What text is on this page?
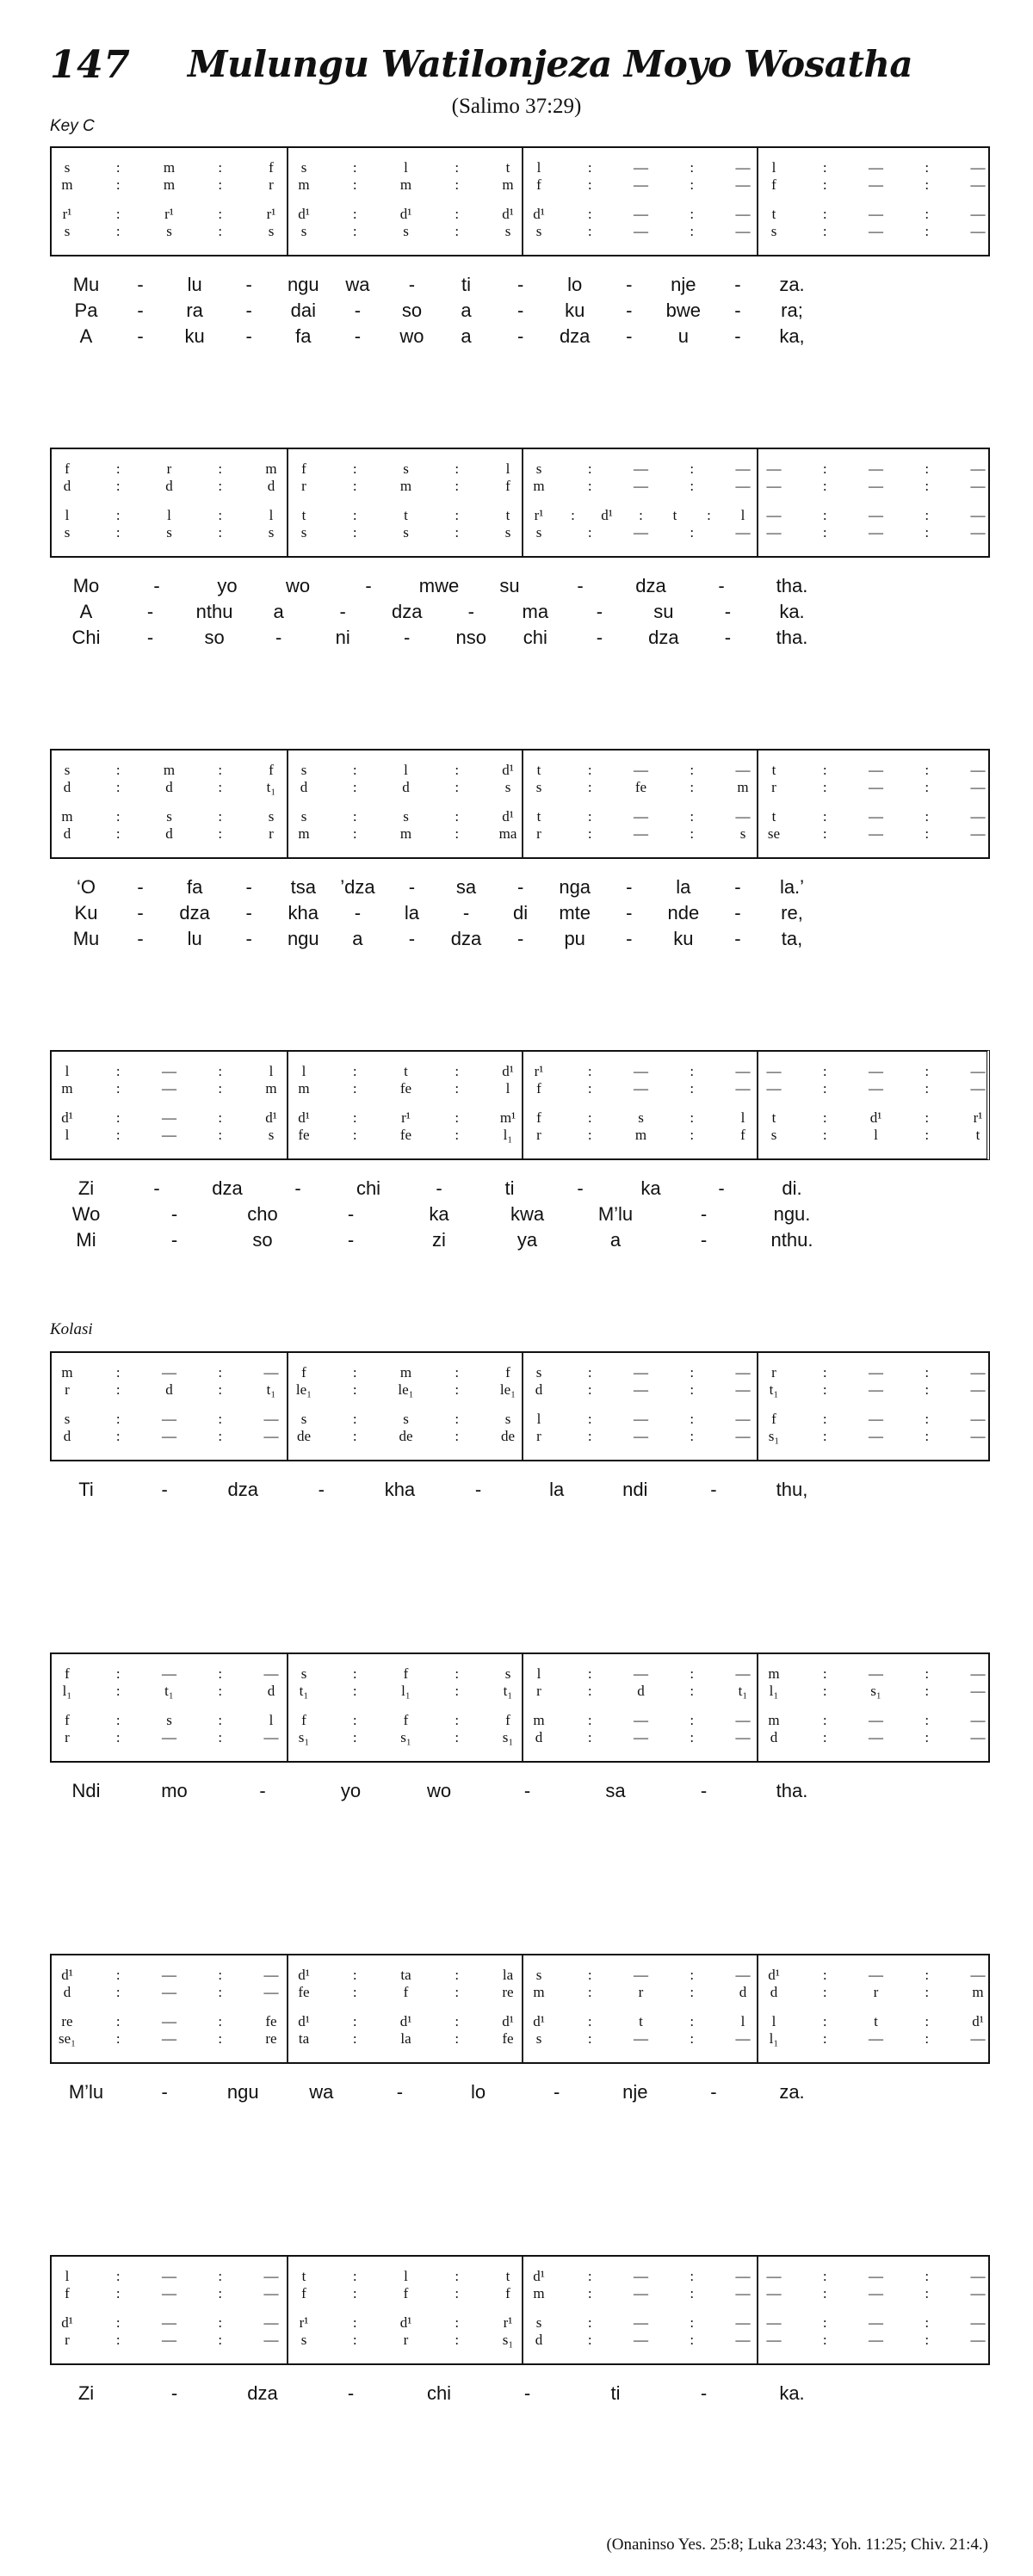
147 Mulungu Watilonjeza Moyo Wosatha
(Salimo 37:29)
Key C
Kolasi
(Onaninso Yes. 25:8; Luka 23:43; Yoh. 11:25; Chiv. 21:4.)
s	:	m	:	f
m	:	m	:	r
r¹	:	r¹	:	r¹
s	:	s	:	s
s	:	l	:	t
m	:	m	:	m
d¹	:	d¹	:	d¹
s	:	s	:	s
l	:	—	:	—
f	:	—	:	—
d¹	:	—	:	—
s	:	—	:	—
l	:	—	:	—
f	:	—	:	—
t	:	—	:	—
s	:	—	:	—
Mu - lu - ngu wa - ti - lo - nje - za.
Pa - ra - dai - so a - ku - bwe - ra;
A - ku - fa - wo a - dza - u - ka,
f	:	r	:	m
d	:	d	:	d
l	:	l	:	l
s	:	s	:	s
f	:	s	:	l
r	:	m	:	f
t	:	t	:	t
s	:	s	:	s
s	:	—	:	—
m	:	—	:	—
r¹	:	d¹	:	t	:	l
s	:	—	:	—
—	:	—	:	—
—	:	—	:	—
—	:	—	:	—
—	:	—	:	—
Mo	-	yo	wo	-	mwe su	-	dza	-	tha.
A	- nthu a	- dza -	ma	-	su	-	ka.
Chi -	so	-	ni	- nso chi	- dza - tha.
s	:	m	:	f
d	:	d	:	t₁
m	:	s	:	s
d	:	d	:	r
s	:	l	:	d¹
d	:	d	:	s
s	:	s	:	d¹
m	:	m	:	ma
t	:	—	:	—
s	:	fe	:	m
t	:	—	:	—
r	:	—	:	s
t	:	—	:	—
r	:	—	:	—
t	:	—	:	—
se	:	—	:	—
‘O - fa - tsa ’dza - sa - nga - la - la.’
Ku - dza - kha - la - di mte - nde - re,
Mu - lu - ngu a - dza - pu - ku - ta,
l	:	—	:	l
m	:	—	:	m
d¹	:	—	:	d¹
l	:	—	:	s
l	:	t	:	d¹
m	:	fe	:	l
d¹	:	r¹	:	m¹
fe	:	fe	:	l₁
r¹	:	—	:	—
f	:	—	:	—
f	:	s	:	l
r	:	m	:	f
—	:	—	:	—
—	:	—	:	—
t	:	d¹	:	r¹
s	:	l	:	t
Zi	-	dza	-	chi	-	ti	-	ka	-	di.
Wo	-	cho	-	ka	kwa	M’lu	-	ngu.
Mi	-	so	-	zi	ya	a	-	nthu.
m	:	—	:	—
r	:	d	:	t₁
s	:	—	:	—
d	:	—	:	—
f	:	m	:	f
le₁	:	le₁	:	le₁
s	:	s	:	s
de	:	de	:	de
s	:	—	:	—
d	:	—	:	—
l	:	—	:	—
r	:	—	:	—
r	:	—	:	—
t₁	:	—	:	—
f	:	—	:	—
s₁	:	—	:	—
Ti	-	dza	-	kha	-	la	ndi	-	thu,
f	:	—	:	—
l₁	:	t₁	:	d
f	:	s	:	l
r	:	—	:	—
s	:	f	:	s
t₁	:	l₁	:	t₁
f	:	f	:	f
s₁	:	s₁	:	s₁
l	:	—	:	—
r	:	d	:	t₁
m	:	—	:	—
d	:	—	:	—
m	:	—	:	—
l₁	:	s₁	:	—
m	:	—	:	—
d	:	—	:	—
Ndi	mo	-	yo	wo	-	sa	-	tha.
d¹	:	—	:	—
d	:	—	:	—
re	:	—	:	fe
se₁	:	—	:	re
d¹	:	ta	:	la
fe	:	f	:	re
d¹	:	d¹	:	d¹
ta	:	la	:	fe
s	:	—	:	—
m	:	r	:	d
d¹	:	t	:	l
s	:	—	:	—
d¹	:	—	:	—
d	:	r	:	m
l	:	t	:	d¹
l₁	:	—	:	—
M’lu	-	ngu	wa	-	lo	-	nje	-	za.
l	:	—	:	—
f	:	—	:	—
d¹	:	—	:	—
r	:	—	:	—
t	:	l	:	t
f	:	f	:	f
r¹	:	d¹	:	r¹
s	:	r	:	s₁
d¹	:	—	:	—
m	:	—	:	—
s	:	—	:	—
d	:	—	:	—
—	:	—	:	—
—	:	—	:	—
—	:	—	:	—
—	:	—	:	—
Zi	-	dza	-	chi	-	ti	-	ka.
